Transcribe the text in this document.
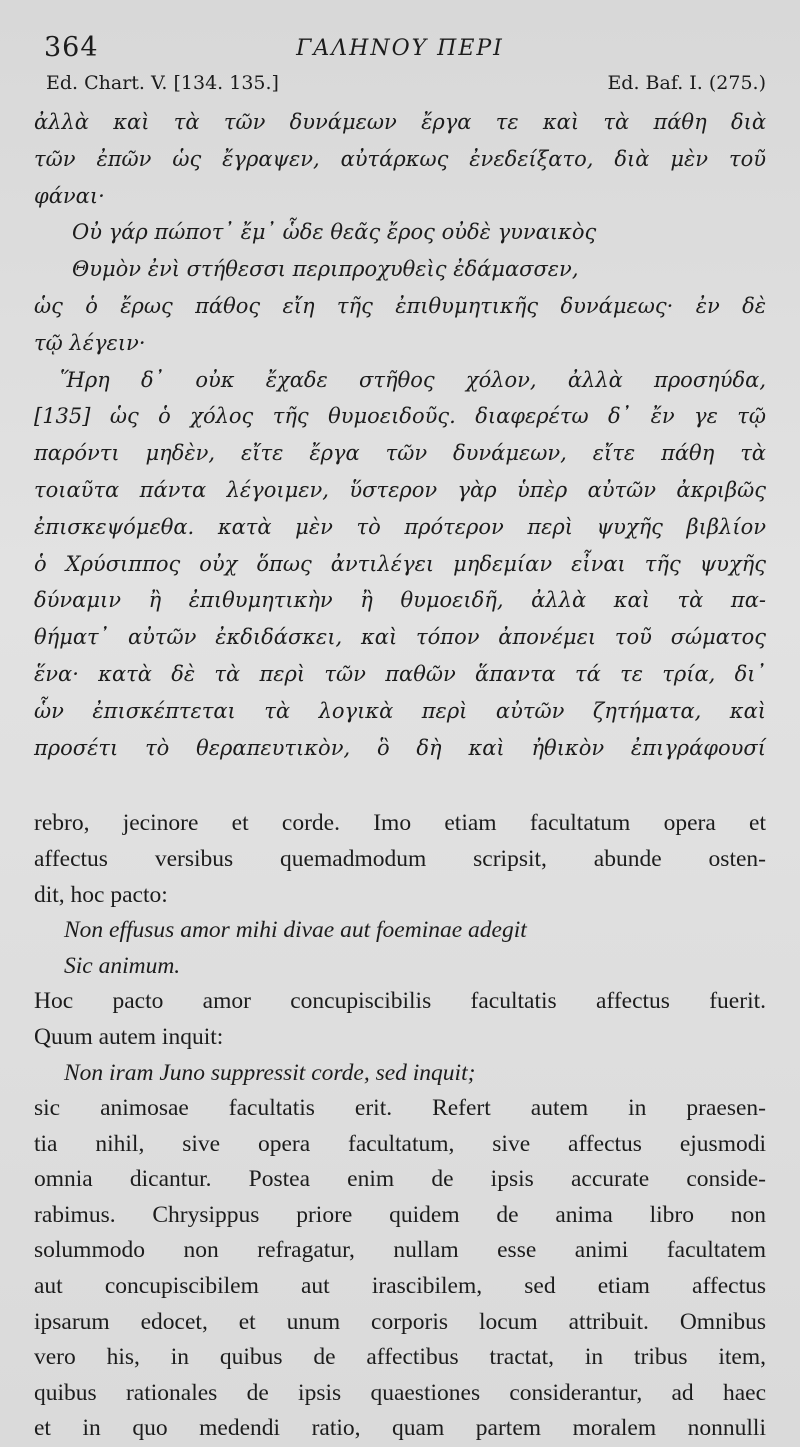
364	ΓΑΛΗΝΟΥ ΠΕΡΙ
Ed. Chart. V. [134. 135.]	Ed. Baf. I. (275.)
ἀλλὰ καὶ τὰ τῶν δυνάμεων ἔργα τε καὶ τὰ πάθη διὰ
τῶν ἐπῶν ὡς ἔγραψεν, αὐτάρκως ἐνεδείξατο, διὰ μὲν τοῦ
φάναι·
Οὐ γάρ πώποτ᾿ ἔμ᾿ ὧδε θεᾶς ἔρος οὐδὲ γυναικὸς
Θυμὸν ἐνὶ στήθεσσι περιπροχυθεὶς ἐδάμασσεν,
ὡς ὁ ἔρως πάθος εἴη τῆς ἐπιθυμητικῆς δυνάμεως· ἐν δὲ
τῷ λέγειν·
Ἥρη δ᾿ οὐκ ἔχαδε στῆθος χόλον, ἀλλὰ προσηύδα,
[135] ὡς ὁ χόλος τῆς θυμοειδοῦς. διαφερέτω δ᾿ ἔν γε τῷ
παρόντι μηδὲν, εἴτε ἔργα τῶν δυνάμεων, εἴτε πάθη τὰ
τοιαῦτα πάντα λέγοιμεν, ὕστερον γὰρ ὑπὲρ αὐτῶν ἀκριβῶς
ἐπισκεψόμεθα. κατὰ μὲν τὸ πρότερον περὶ ψυχῆς βιβλίον
ὁ Χρύσιππος οὐχ ὅπως ἀντιλέγει μηδεμίαν εἶναι τῆς ψυχῆς
δύναμιν ἢ ἐπιθυμητικὴν ἢ θυμοειδῆ, ἀλλὰ καὶ τὰ πα-
θήματ᾿ αὐτῶν ἐκδιδάσκει, καὶ τόπον ἀπονέμει τοῦ σώματος
ἕνα· κατὰ δὲ τὰ περὶ τῶν παθῶν ἅπαντα τά τε τρία, δι᾿
ὧν ἐπισκέπτεται τὰ λογικὰ περὶ αὐτῶν ζητήματα, καὶ
προσέτι τὸ θεραπευτικὸν, ὃ δὴ καὶ ἠθικὸν ἐπιγράφουσί
rebro, jecinore et corde. Imo etiam facultatum opera et
affectus versibus quemadmodum scripsit, abunde osten-
dit, hoc pacto:
Non effusus amor mihi divae aut foeminae adegit
Sic animum.
Hoc pacto amor concupiscibilis facultatis affectus fuerit.
Quum autem inquit:
Non iram Juno suppressit corde, sed inquit;
sic animosae facultatis erit. Refert autem in praesen-
tia nihil, sive opera facultatum, sive affectus ejusmodi
omnia dicantur. Postea enim de ipsis accurate conside-
rabimus. Chrysippus priore quidem de anima libro non
solummodo non refragatur, nullam esse animi facultatem
aut concupiscibilem aut irascibilem, sed etiam affectus
ipsarum edocet, et unum corporis locum attribuit. Omnibus
vero his, in quibus de affectibus tractat, in tribus item,
quibus rationales de ipsis quaestiones considerantur, ad haec
et in quo medendi ratio, quam partem moralem nonnulli
